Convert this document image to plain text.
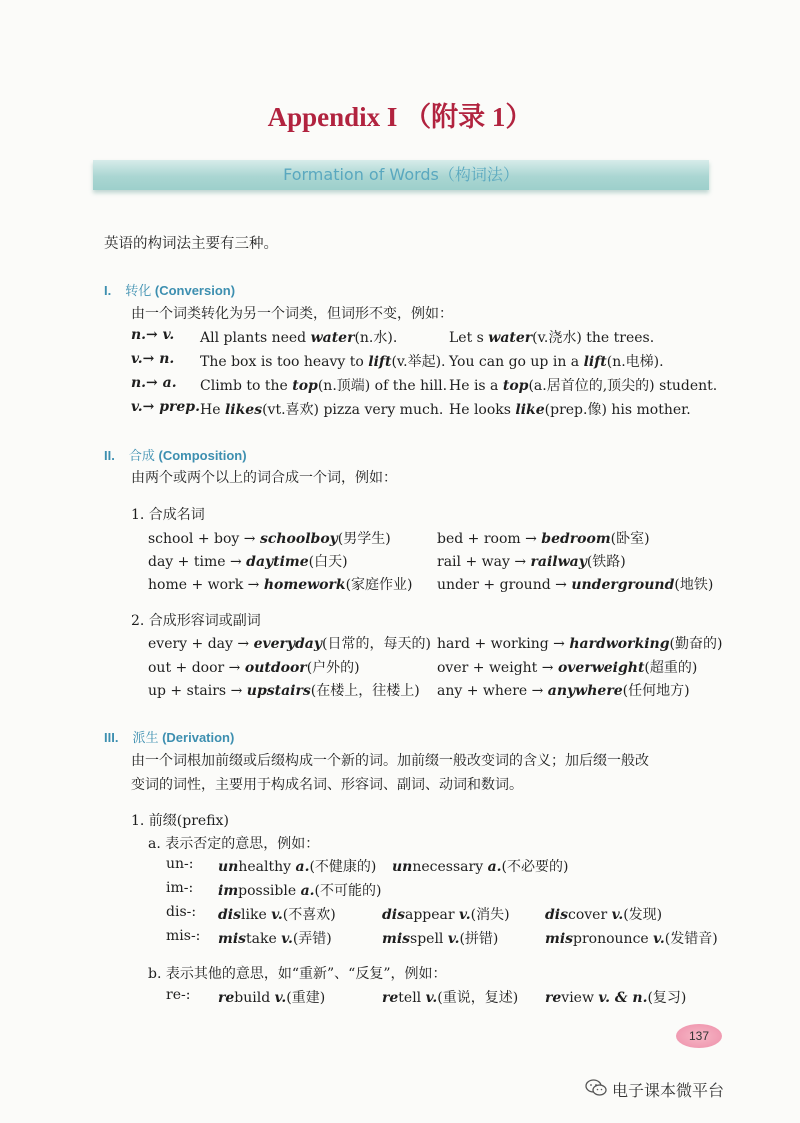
Appendix I （附录 1）
Formation of Words（构词法）
英语的构词法主要有三种。
I. 转化 (Conversion)
由一个词类转化为另一个词类，但词形不变，例如：
n.→ v. All plants need water(n.水).	Let s water(v.浇水) the trees.
v.→ n. The box is too heavy to lift(v.举起). You can go up in a lift(n.电梯).
n.→ a. Climb to the top(n.顶端) of the hill. He is a top(a.居首位的,顶尖的) student.
v.→ prep. He likes(vt.喜欢) pizza very much. He looks like(prep.像) his mother.
II. 合成 (Composition)
由两个或两个以上的词合成一个词，例如：
1. 合成名词
school + boy → schoolboy(男学生)	bed + room → bedroom(卧室)
day + time → daytime(白天)	rail + way → railway(铁路)
home + work → homework(家庭作业) under + ground → underground(地铁)
2. 合成形容词或副词
every + day → everyday(日常的，每天的) hard + working → hardworking(勤奋的)
out + door → outdoor(户外的)	over + weight → overweight(超重的)
up + stairs → upstairs(在楼上，往楼上) any + where → anywhere(任何地方)
III. 派生 (Derivation)
由一个词根加前缀或后缀构成一个新的词。加前缀一般改变词的含义；加后缀一般改
变词的词性，主要用于构成名词、形容词、副词、动词和数词。
1. 前缀(prefix)
a. 表示否定的意思，例如：
un-: unhealthy a.(不健康的) unnecessary a.(不必要的)
im-: impossible a.(不可能的)
dis-: dislike v.(不喜欢)	disappear v.(消失)	discover v.(发现)
mis-: mistake v.(弄错)	misspell v.(拼错)	mispronounce v.(发错音)
b. 表示其他的意思，如“重新”、“反复”，例如：
re-: rebuild v.(重建)	retell v.(重说，复述) review v. & n.(复习)
137
电子课本微平台
